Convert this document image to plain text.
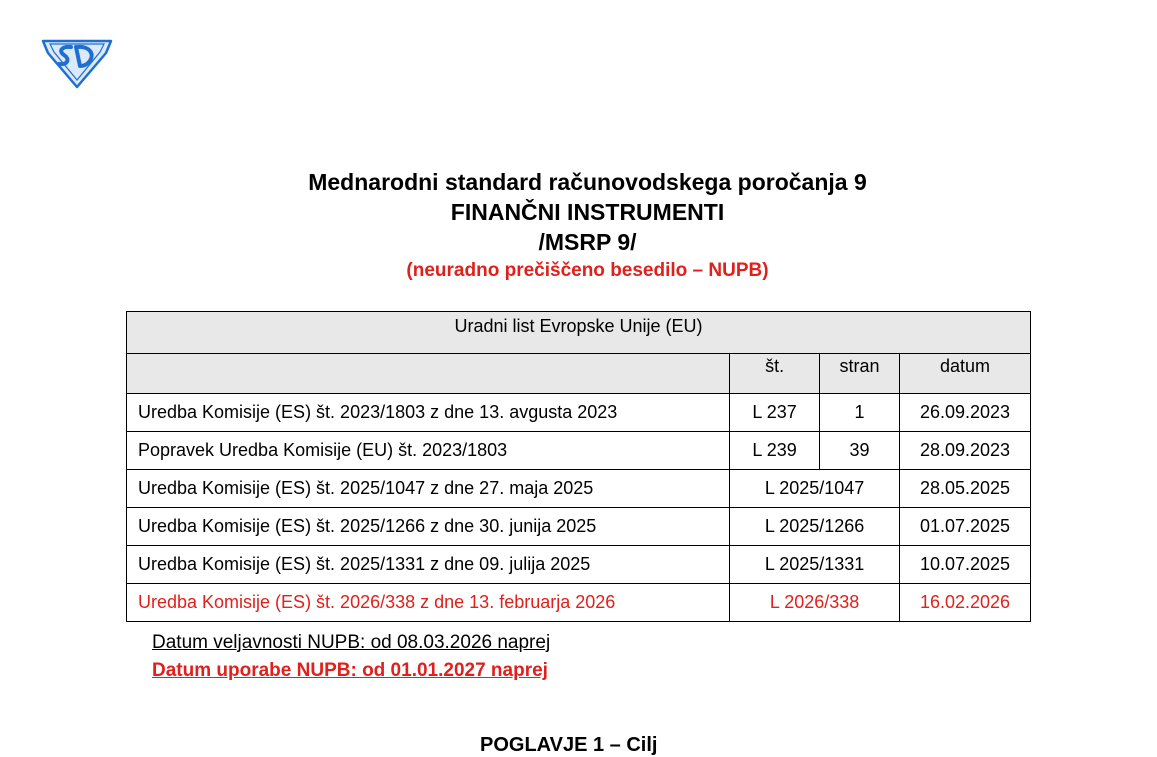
Mednarodni standard računovodskega poročanja 9
FINANČNI INSTRUMENTI
/MSRP 9/
(neuradno prečiščeno besedilo – NUPB)
Uradni list Evropske Unije (EU)			
	št.	stran	datum
Uredba Komisije (ES) št. 2023/1803 z dne 13. avgusta 2023	L 237	1	26.09.2023
Popravek Uredba Komisije (EU) št. 2023/1803	L 239	39	28.09.2023
Uredba Komisije (ES) št. 2025/1047 z dne 27. maja 2025	L 2025/1047		28.05.2025
Uredba Komisije (ES) št. 2025/1266 z dne 30. junija 2025	L 2025/1266		01.07.2025
Uredba Komisije (ES) št. 2025/1331 z dne 09. julija 2025	L 2025/1331		10.07.2025
Uredba Komisije (ES) št. 2026/338 z dne 13. februarja 2026	L 2026/338		16.02.2026
Datum veljavnosti NUPB: od 08.03.2026 naprej
Datum uporabe NUPB: od 01.01.2027 naprej
POGLAVJE 1 – Cilj
